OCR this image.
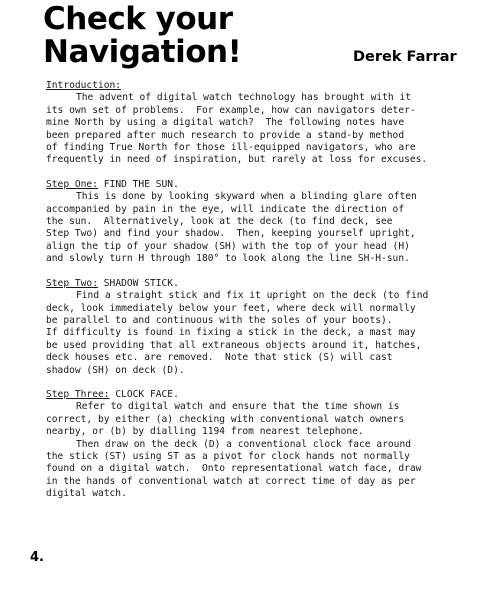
Check your
Navigation!	Derek Farrar
Introduction:
The advent of digital watch technology has brought with it
its own set of problems.  For example, how can navigators deter-
mine North by using a digital watch?  The following notes have
been prepared after much research to provide a stand-by method
of finding True North for those ill-equipped navigators, who are
frequently in need of inspiration, but rarely at loss for excuses.
Step One: FIND THE SUN.
This is done by looking skyward when a blinding glare often
accompanied by pain in the eye, will indicate the direction of
the sun.  Alternatively, look at the deck (to find deck, see
Step Two) and find your shadow.  Then, keeping yourself upright,
align the tip of your shadow (SH) with the top of your head (H)
and slowly turn H through 180° to look along the line SH-H-sun.
Step Two: SHADOW STICK.
Find a straight stick and fix it upright on the deck (to find
deck, look immediately below your feet, where deck will normally
be parallel to and continuous with the soles of your boots).
If difficulty is found in fixing a stick in the deck, a mast may
be used providing that all extraneous objects around it, hatches,
deck houses etc. are removed.  Note that stick (S) will cast
shadow (SH) on deck (D).
Step Three: CLOCK FACE.
Refer to digital watch and ensure that the time shown is
correct, by either (a) checking with conventional watch owners
nearby, or (b) by dialling 1194 from nearest telephone.
Then draw on the deck (D) a conventional clock face around
the stick (ST) using ST as a pivot for clock hands not normally
found on a digital watch.  Onto representational watch face, draw
in the hands of conventional watch at correct time of day as per
digital watch.
4.
